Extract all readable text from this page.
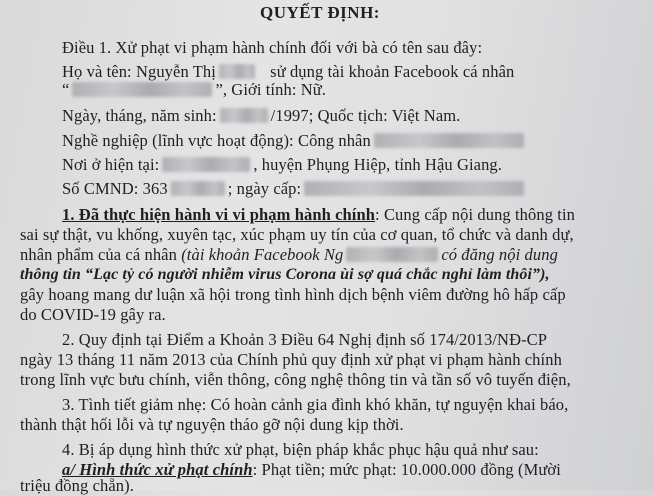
QUYẾT ĐỊNH:
Điều 1. Xử phạt vi phạm hành chính đối với bà có tên sau đây:
Họ và tên: Nguyễn Thị	sử dụng tài khoản Facebook cá nhân
“	”, Giới tính: Nữ.
Ngày, tháng, năm sinh:	/1997; Quốc tịch: Việt Nam.
Nghề nghiệp (lĩnh vực hoạt động): Công nhân
Nơi ở hiện tại:	, huyện Phụng Hiệp, tỉnh Hậu Giang.
Số CMND: 363	; ngày cấp:
1. Đã thực hiện hành vi vi phạm hành chính: Cung cấp nội dung thông tin
sai sự thật, vu khống, xuyên tạc, xúc phạm uy tín của cơ quan, tổ chức và danh dự,
nhân phẩm của cá nhân (tài khoản Facebook Ng	có đăng nội dung
thông tin “Lạc tỷ có người nhiễm virus Corona ùi sợ quá chắc nghỉ làm thôi”),
gây hoang mang dư luận xã hội trong tình hình dịch bệnh viêm đường hô hấp cấp
do COVID-19 gây ra.
2. Quy định tại Điểm a Khoản 3 Điều 64 Nghị định số 174/2013/NĐ-CP
ngày 13 tháng 11 năm 2013 của Chính phủ quy định xử phạt vi phạm hành chính
trong lĩnh vực bưu chính, viễn thông, công nghệ thông tin và tần số vô tuyến điện,
3. Tình tiết giảm nhẹ: Có hoàn cảnh gia đình khó khăn, tự nguyện khai báo,
thành thật hối lỗi và tự nguyện tháo gỡ nội dung kịp thời.
4. Bị áp dụng hình thức xử phạt, biện pháp khắc phục hậu quả như sau:
a/ Hình thức xử phạt chính: Phạt tiền; mức phạt: 10.000.000 đồng (Mười
triệu đồng chẵn).
